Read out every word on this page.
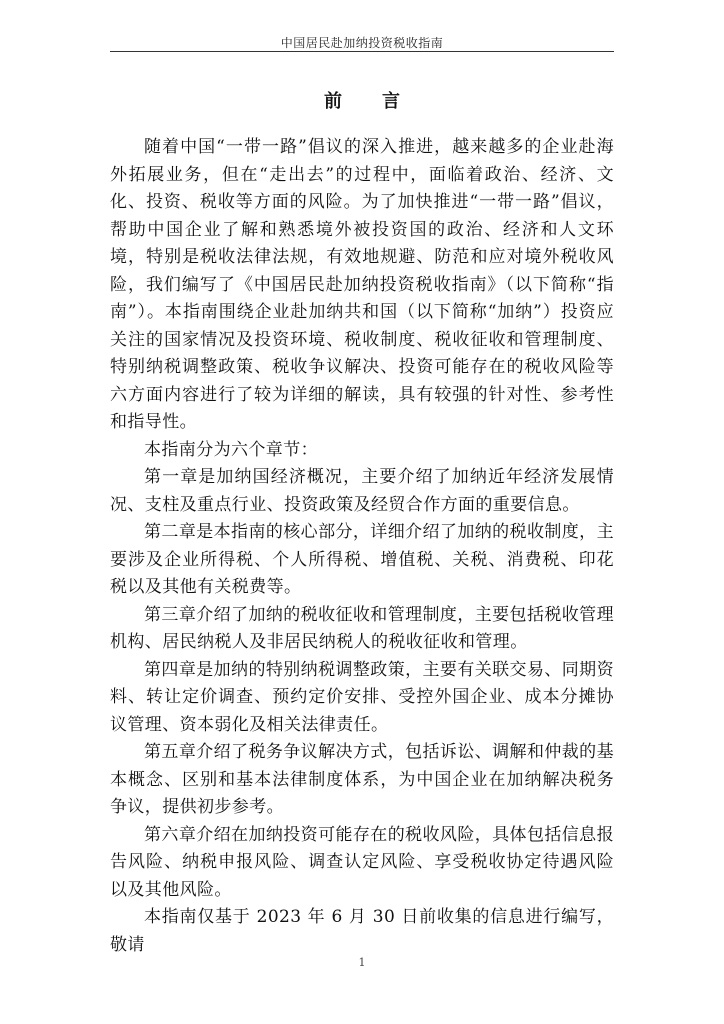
中国居民赴加纳投资税收指南
前言

随着中国“一带一路”倡议的深入推进，越来越多的企业赴海外拓展业务，但在“走出去”的过程中，面临着政治、经济、文化、投资、税收等方面的风险。为了加快推进“一带一路”倡议，帮助中国企业了解和熟悉境外被投资国的政治、经济和人文环境，特别是税收法律法规，有效地规避、防范和应对境外税收风险，我们编写了《中国居民赴加纳投资税收指南》（以下简称“指南”）。本指南围绕企业赴加纳共和国（以下简称“加纳”）投资应关注的国家情况及投资环境、税收制度、税收征收和管理制度、特别纳税调整政策、税收争议解决、投资可能存在的税收风险等六方面内容进行了较为详细的解读，具有较强的针对性、参考性和指导性。

本指南分为六个章节：

第一章是加纳国经济概况，主要介绍了加纳近年经济发展情况、支柱及重点行业、投资政策及经贸合作方面的重要信息。

第二章是本指南的核心部分，详细介绍了加纳的税收制度，主要涉及企业所得税、个人所得税、增值税、关税、消费税、印花税以及其他有关税费等。

第三章介绍了加纳的税收征收和管理制度，主要包括税收管理机构、居民纳税人及非居民纳税人的税收征收和管理。

第四章是加纳的特别纳税调整政策，主要有关联交易、同期资料、转让定价调查、预约定价安排、受控外国企业、成本分摊协议管理、资本弱化及相关法律责任。

第五章介绍了税务争议解决方式，包括诉讼、调解和仲裁的基本概念、区别和基本法律制度体系，为中国企业在加纳解决税务争议，提供初步参考。

第六章介绍在加纳投资可能存在的税收风险，具体包括信息报告风险、纳税申报风险、调查认定风险、享受税收协定待遇风险以及其他风险。

本指南仅基于 2023 年 6 月 30 日前收集的信息进行编写，敬请

1
